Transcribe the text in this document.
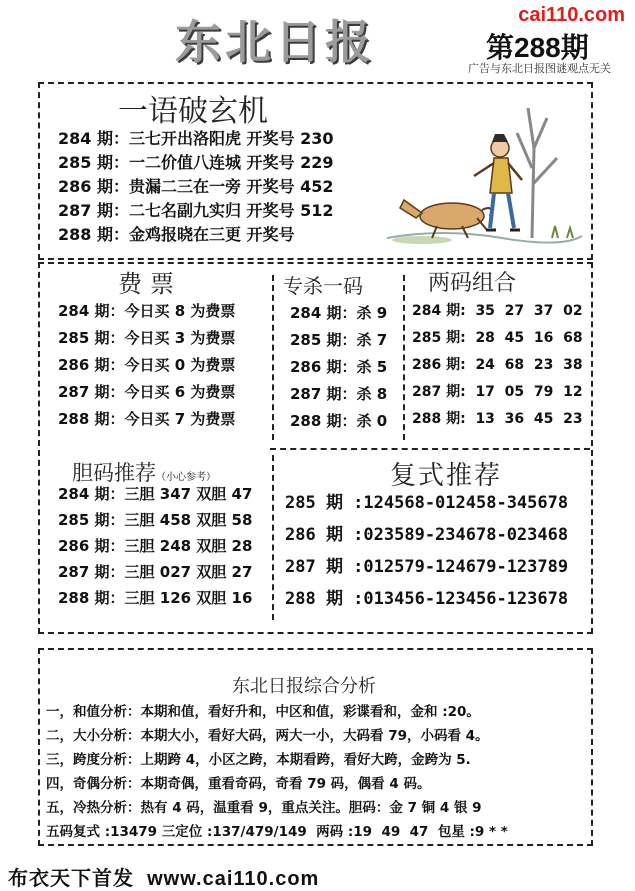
东北日报	cai110.com
第288期
广告与东北日报图谜观点无关
一语破玄机
284 期：三七开出洛阳虎 开奖号 230
285 期：一二价值八连城 开奖号 229
286 期：贵漏二三在一旁 开奖号 452
287 期：二七名副九实归 开奖号 512
288 期：金鸡报晓在三更 开奖号
费票
284 期：今日买 8 为费票
285 期：今日买 3 为费票
286 期：今日买 0 为费票
287 期：今日买 6 为费票
288 期：今日买 7 为费票
专杀一码
284 期：杀 9
285 期：杀 7
286 期：杀 5
287 期：杀 8
288 期：杀 0
两码组合
284 期:  35  27  37  02
285 期:  28  45  16  68
286 期:  24  68  23  38
287 期:  17  05  79  12
288 期:  13  36  45  23
胆码推荐（小心参考）
284 期：三胆 347 双胆 47
285 期：三胆 458 双胆 58
286 期：三胆 248 双胆 28
287 期：三胆 027 双胆 27
288 期：三胆 126 双胆 16
复式推荐
285 期 :124568-012458-345678
286 期 :023589-234678-023468
287 期 :012579-124679-123789
288 期 :013456-123456-123678
东北日报综合分析
一，和值分析：本期和值，看好升和，中区和值，彩谍看和，金和 :20。
二，大小分析：本期大小，看好大码，两大一小，大码看 79，小码看 4。
三，跨度分析：上期跨 4，小区之跨，本期看跨，看好大跨，金跨为 5.
四，奇偶分析：本期奇偶，重看奇码，奇看 79 码，偶看 4 码。
五，冷热分析：热有 4 码，温重看 9，重点关注。胆码：金 7 铜 4 银 9
五码复式 :13479 三定位 :137/479/149  两码 :19  49  47  包星 :9 * *
布衣天下首发  www.cai110.com
